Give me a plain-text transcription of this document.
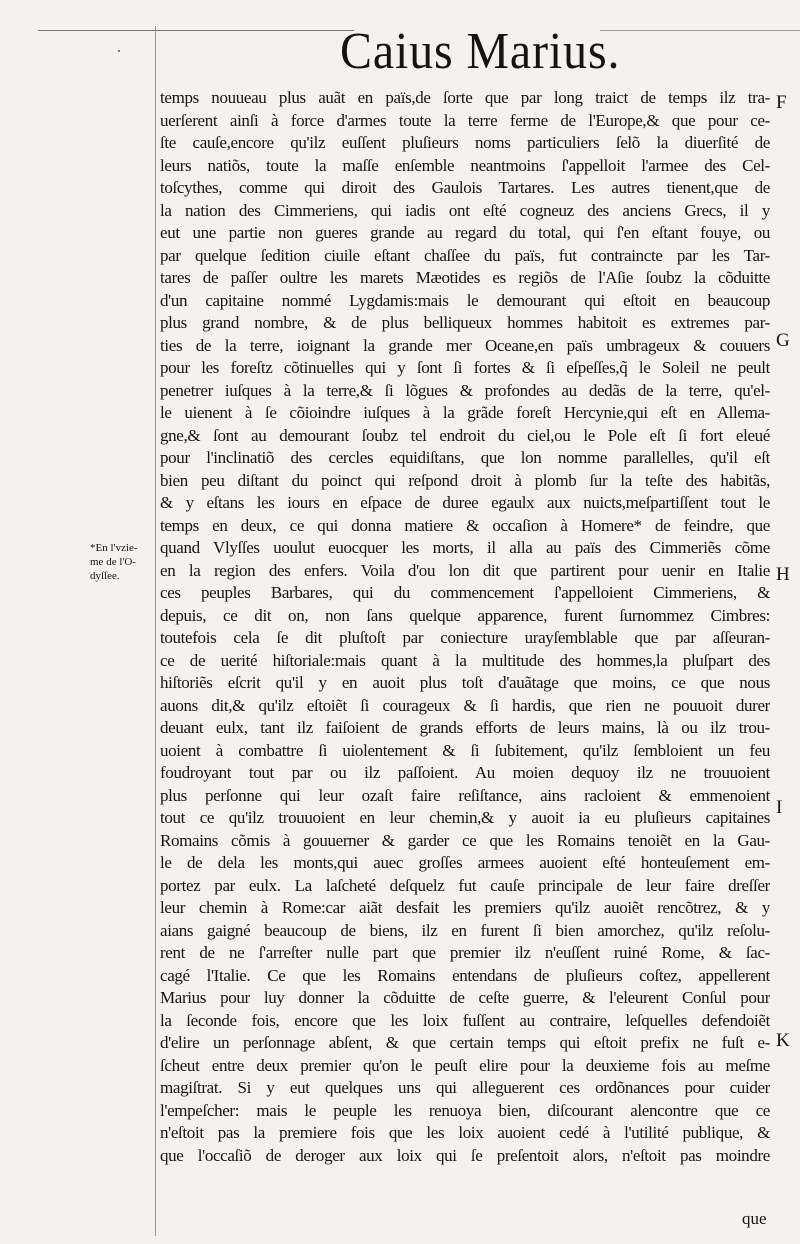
Caius Marius.
temps nouueau plus auãt en païs,de ſorte que par long traict de temps ilz tra-
uerſerent ainſi à force d'armes toute la terre ferme de l'Europe,& que pour ce-
ſte cauſe,encore qu'ilz euſſent pluſieurs noms particuliers ſelõ la diuerſité de
leurs natiõs, toute la maſſe enſemble neantmoins ſ'appelloit l'armee des Cel-
toſcythes, comme qui diroit des Gaulois Tartares. Les autres tienent,que de
la nation des Cimmeriens, qui iadis ont eſté cogneuz des anciens Grecs, il y
eut une partie non gueres grande au regard du total, qui ſ'en eſtant fouye, ou
par quelque ſedition ciuile eſtant chaſſee du païs, fut contraincte par les Tar-
tares de paſſer oultre les marets Mæotides es regiõs de l'Aſie ſoubz la cõduitte
d'un capitaine nommé Lygdamis:mais le demourant qui eſtoit en beaucoup
plus grand nombre, & de plus belliqueux hommes habitoit es extremes par-
ties de la terre, ioignant la grande mer Oceane,en païs umbrageux & couuers
pour les foreſtz cõtinuelles qui y ſont ſi fortes & ſi eſpeſſes,q̃ le Soleil ne peult
penetrer iuſques à la terre,& ſi lõgues & profondes au dedãs de la terre, qu'el-
le uienent à ſe cõioindre iuſques à la grãde foreſt Hercynie,qui eſt en Allema-
gne,& ſont au demourant ſoubz tel endroit du ciel,ou le Pole eſt ſi fort eleué
pour l'inclinatiõ des cercles equidiſtans, que lon nomme parallelles, qu'il eſt
bien peu diſtant du poinct qui reſpond droit à plomb ſur la teſte des habitãs,
& y eſtans les iours en eſpace de duree egaulx aux nuicts,meſpartiſſent tout le
temps en deux, ce qui donna matiere & occaſion à Homere* de feindre, que
quand Vlyſſes uoulut euocquer les morts, il alla au païs des Cimmeriẽs cõme
en la region des enfers. Voila d'ou lon dit que partirent pour uenir en Italie
ces peuples Barbares, qui du commencement ſ'appelloient Cimmeriens, &
depuis, ce dit on, non ſans quelque apparence, furent ſurnommez Cimbres:
toutefois cela ſe dit pluſtoſt par coniecture urayſemblable que par aſſeuran-
ce de uerité hiſtoriale:mais quant à la multitude des hommes,la pluſpart des
hiſtoriẽs eſcrit qu'il y en auoit plus toſt d'auãtage que moins, ce que nous
auons dit,& qu'ilz eſtoiẽt ſi courageux & ſi hardis, que rien ne pouuoit durer
deuant eulx, tant ilz faiſoient de grands efforts de leurs mains, là ou ilz trou-
uoient à combattre ſi uiolentement & ſi ſubitement, qu'ilz ſembloient un feu
foudroyant tout par ou ilz paſſoient. Au moien dequoy ilz ne trouuoient
plus perſonne qui leur ozaſt faire reſiſtance, ains racloient & emmenoient
tout ce qu'ilz trouuoient en leur chemin,& y auoit ia eu pluſieurs capitaines
Romains cõmis à gouuerner & garder ce que les Romains tenoiẽt en la Gau-
le de dela les monts,qui auec groſſes armees auoient eſté honteuſement em-
portez par eulx. La laſcheté deſquelz fut cauſe principale de leur faire dreſſer
leur chemin à Rome:car aiãt desfait les premiers qu'ilz auoiẽt rencõtrez, & y
aians gaigné beaucoup de biens, ilz en furent ſi bien amorchez, qu'ilz reſolu-
rent de ne ſ'arreſter nulle part que premier ilz n'euſſent ruiné Rome, & ſac-
cagé l'Italie. Ce que les Romains entendans de pluſieurs coſtez, appellerent
Marius pour luy donner la cõduitte de ceſte guerre, & l'eleurent Conſul pour
la ſeconde fois, encore que les loix fuſſent au contraire, leſquelles defendoiẽt
d'elire un perſonnage abſent, & que certain temps qui eſtoit prefix ne fuſt e-
ſcheut entre deux premier qu'on le peuſt elire pour la deuxieme fois au meſme
magiſtrat. Si y eut quelques uns qui alleguerent ces ordõnances pour cuider
l'empeſcher: mais le peuple les renuoya bien, diſcourant alencontre que ce
n'eſtoit pas la premiere fois que les loix auoient cedé à l'utilité publique, &
que l'occaſiõ de deroger aux loix qui ſe preſentoit alors, n'eſtoit pas moindre
*En l'vzie-
me de l'O-
dyſſee.
F
G
H
I
K
que
